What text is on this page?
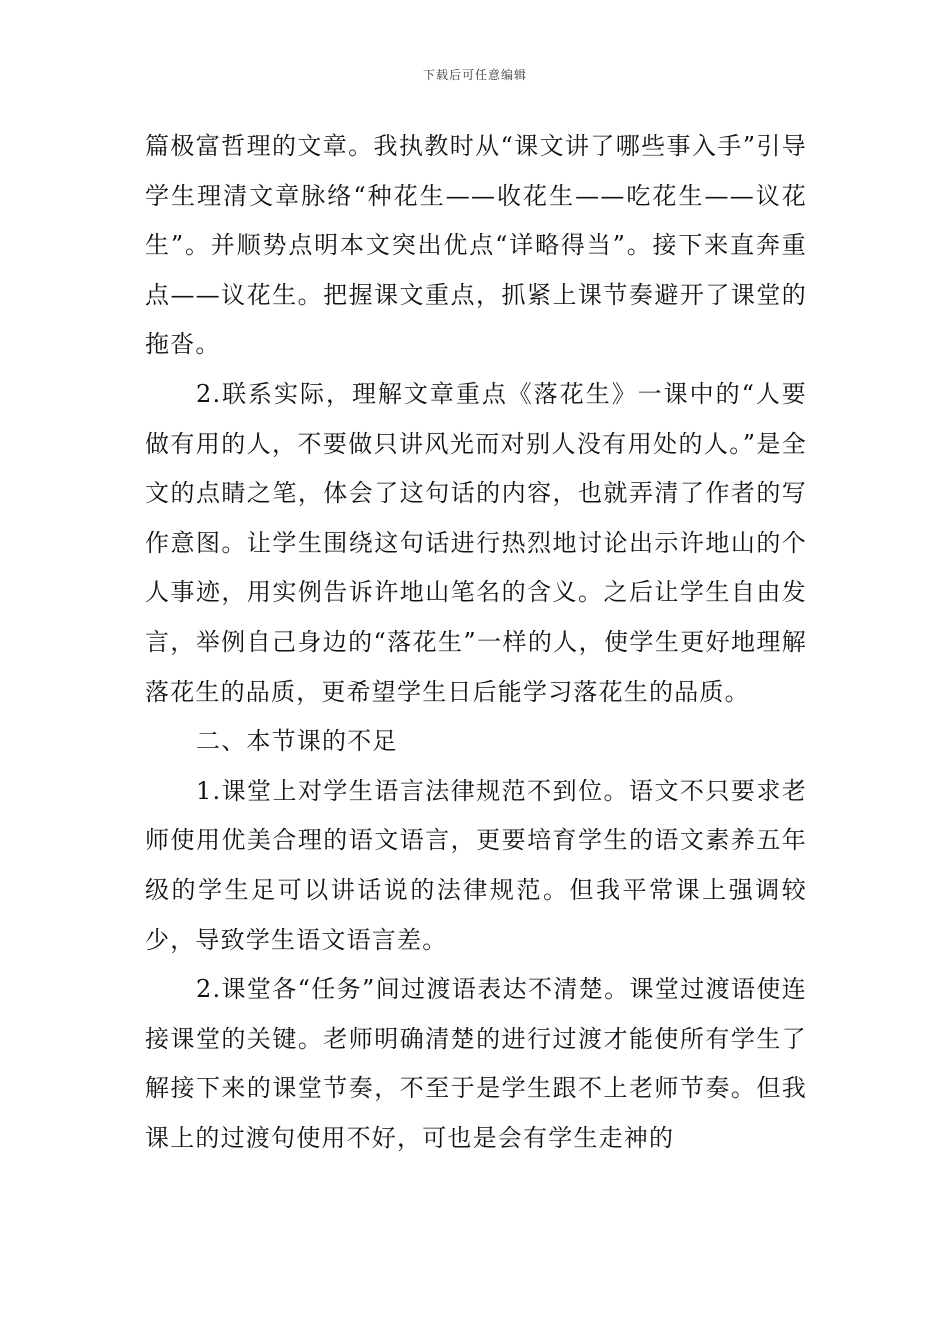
下载后可任意编辑

篇极富哲理的文章。我执教时从“课文讲了哪些事入手”引导学生理清文章脉络“种花生——收花生——吃花生——议花生”。并顺势点明本文突出优点“详略得当”。接下来直奔重点——议花生。把握课文重点，抓紧上课节奏避开了课堂的拖沓。

2.联系实际，理解文章重点《落花生》一课中的“人要做有用的人，不要做只讲风光而对别人没有用处的人。”是全文的点睛之笔，体会了这句话的内容，也就弄清了作者的写作意图。让学生围绕这句话进行热烈地讨论出示许地山的个人事迹，用实例告诉许地山笔名的含义。之后让学生自由发言，举例自己身边的“落花生”一样的人，使学生更好地理解落花生的品质，更希望学生日后能学习落花生的品质。

二、本节课的不足

1.课堂上对学生语言法律规范不到位。语文不只要求老师使用优美合理的语文语言，更要培育学生的语文素养五年级的学生足可以讲话说的法律规范。但我平常课上强调较少，导致学生语文语言差。

2.课堂各“任务”间过渡语表达不清楚。课堂过渡语使连接课堂的关键。老师明确清楚的进行过渡才能使所有学生了解接下来的课堂节奏，不至于是学生跟不上老师节奏。但我课上的过渡句使用不好，可也是会有学生走神的
